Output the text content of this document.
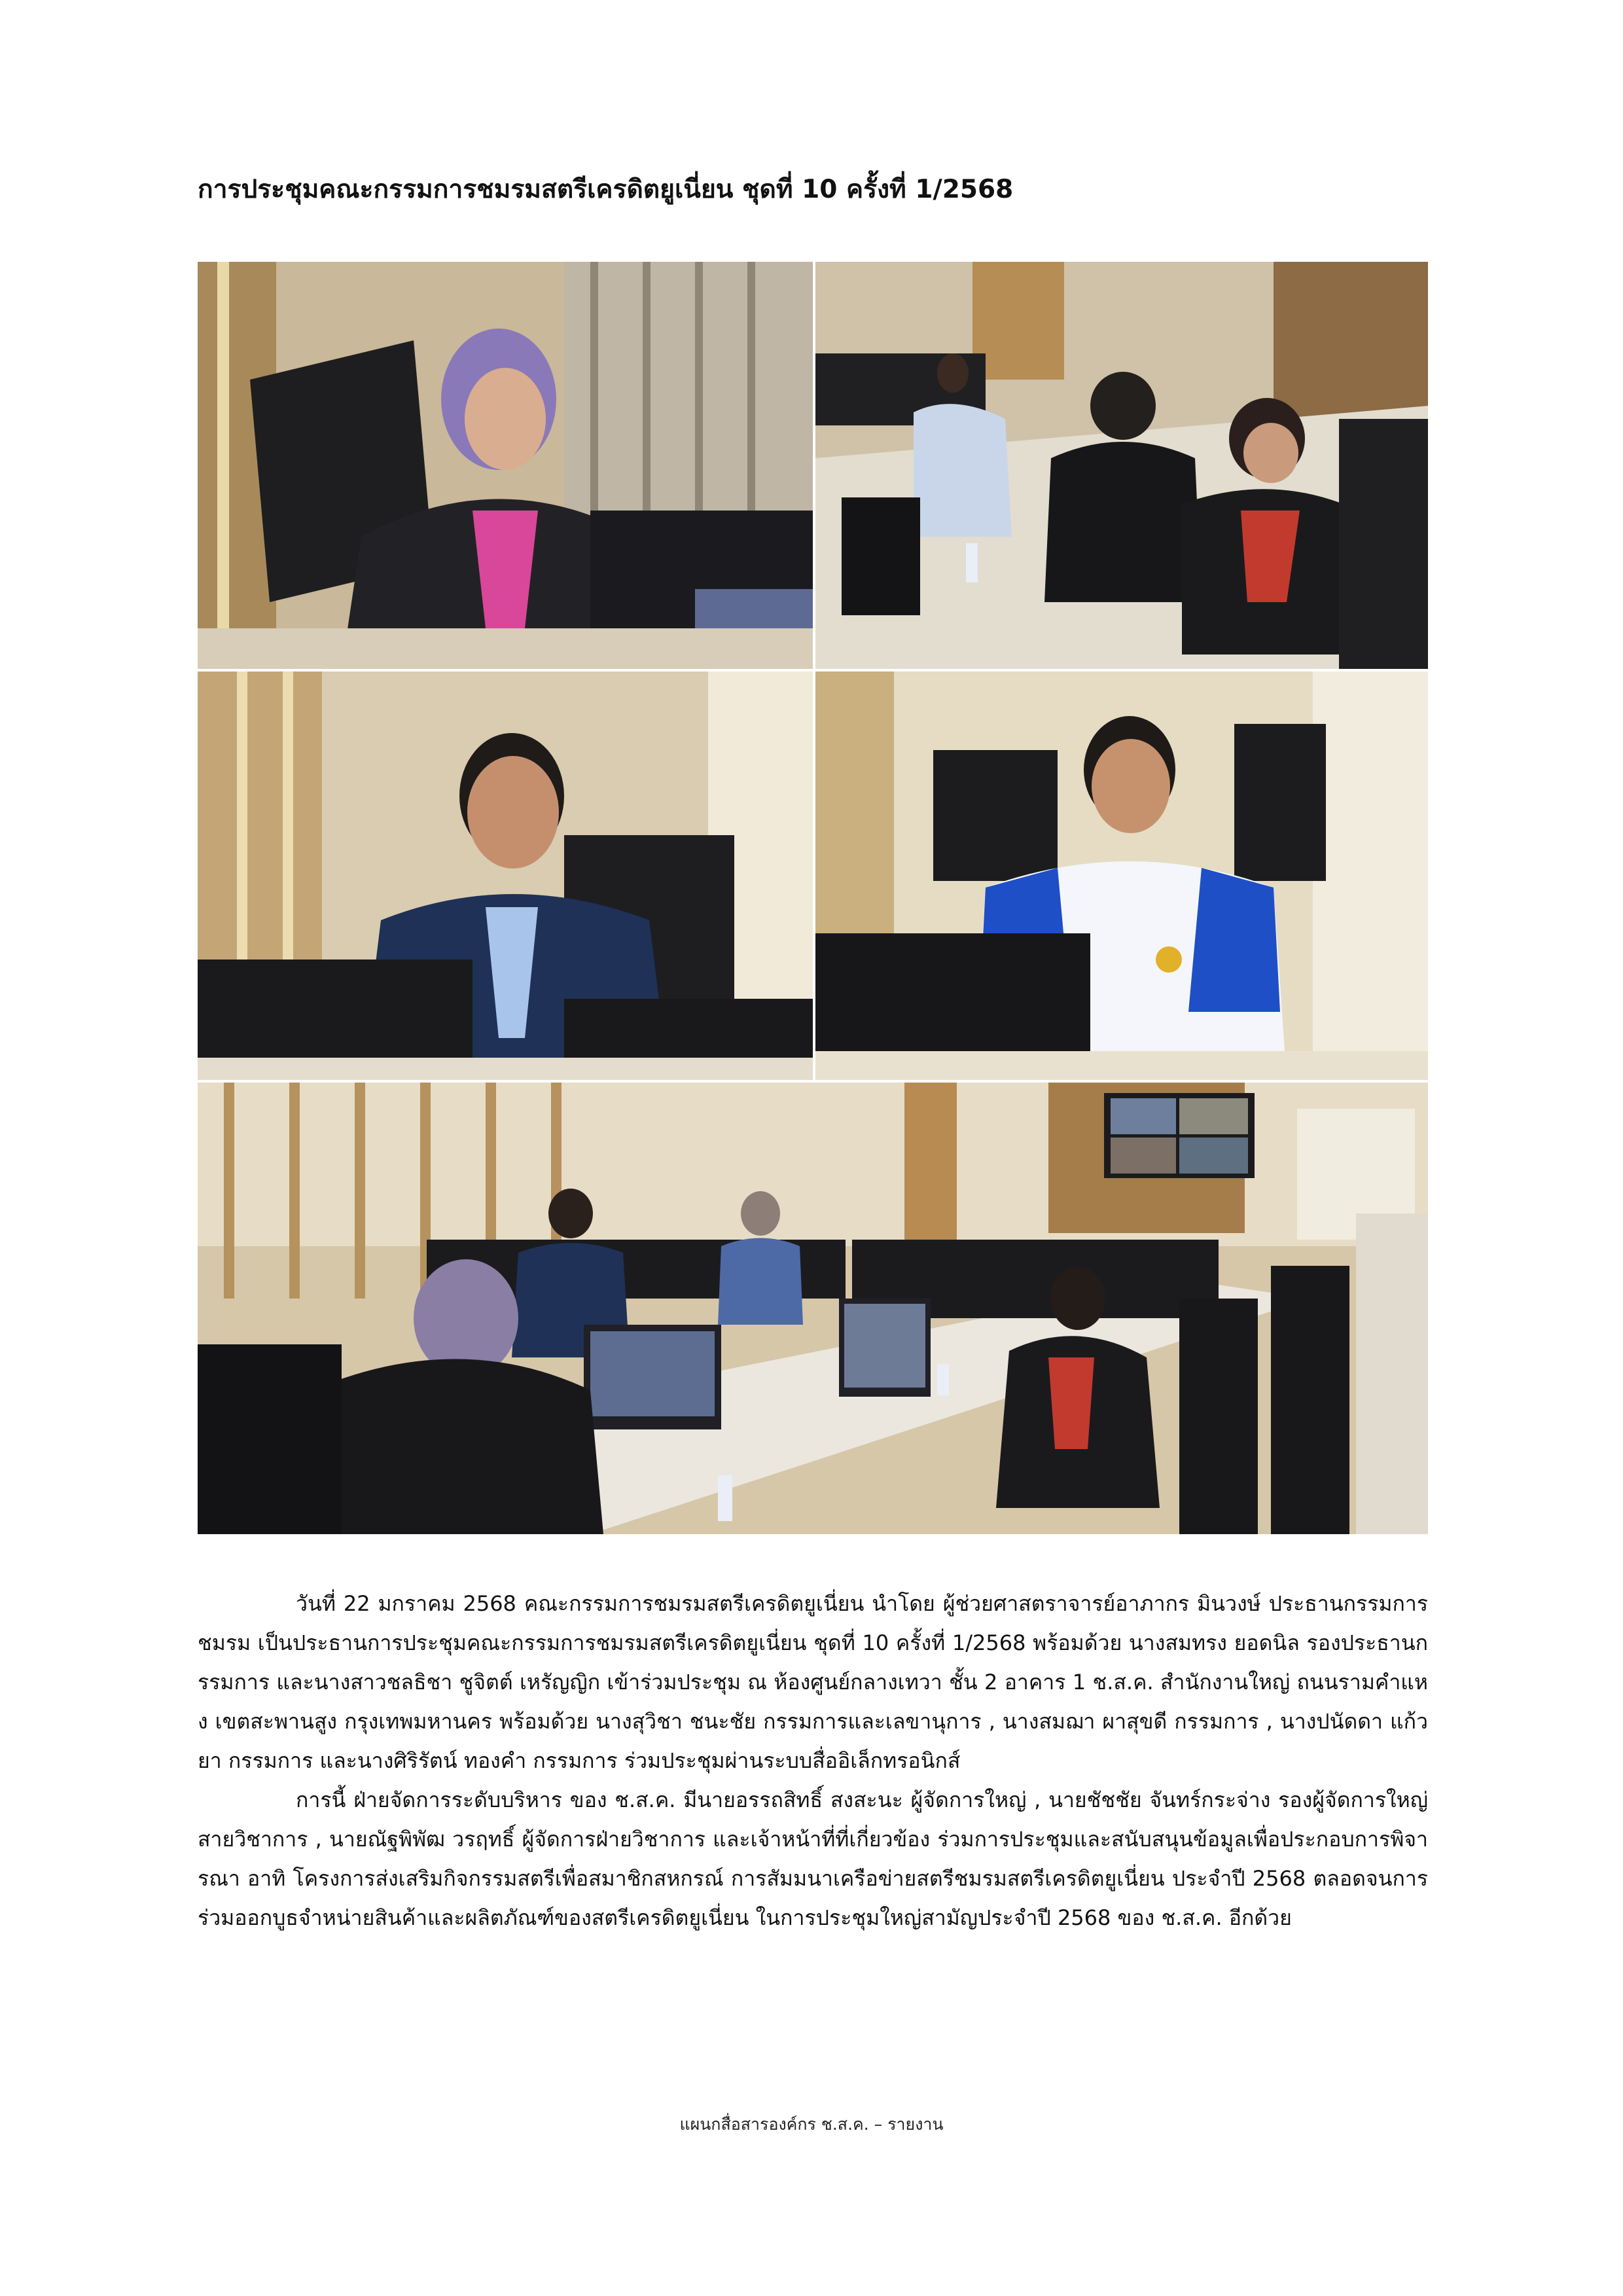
การประชุมคณะกรรมการชมรมสตรีเครดิตยูเนี่ยน ชุดที่ 10 ครั้งที่ 1/2568

วันที่ 22 มกราคม 2568 คณะกรรมการชมรมสตรีเครดิตยูเนี่ยน นำโดย ผู้ช่วยศาสตราจารย์อาภากร มินวงษ์ ประธานกรรมการชมรม เป็นประธานการประชุมคณะกรรมการชมรมสตรีเครดิตยูเนี่ยน ชุดที่ 10 ครั้งที่ 1/2568 พร้อมด้วย นางสมทรง ยอดนิล รองประธานกรรมการ และนางสาวชลธิชา ชูจิตต์ เหรัญญิก เข้าร่วมประชุม ณ ห้องศูนย์กลางเทวา ชั้น 2 อาคาร 1 ช.ส.ค. สำนักงานใหญ่ ถนนรามคำแหง เขตสะพานสูง กรุงเทพมหานคร พร้อมด้วย นางสุวิชา ชนะชัย กรรมการและเลขานุการ , นางสมฌา ผาสุขดี กรรมการ , นางปนัดดา แก้วยา กรรมการ และนางศิริรัตน์ ทองคำ กรรมการ ร่วมประชุมผ่านระบบสื่ออิเล็กทรอนิกส์

การนี้ ฝ่ายจัดการระดับบริหาร ของ ช.ส.ค. มีนายอรรถสิทธิ์ สงสะนะ ผู้จัดการใหญ่ , นายชัชชัย จันทร์กระจ่าง รองผู้จัดการใหญ่สายวิชาการ , นายณัฐพิพัฒ วรฤทธิ์ ผู้จัดการฝ่ายวิชาการ และเจ้าหน้าที่ที่เกี่ยวข้อง ร่วมการประชุมและสนับสนุนข้อมูลเพื่อประกอบการพิจารณา อาทิ โครงการส่งเสริมกิจกรรมสตรีเพื่อสมาชิกสหกรณ์ การสัมมนาเครือข่ายสตรีชมรมสตรีเครดิตยูเนี่ยน ประจำปี 2568 ตลอดจนการร่วมออกบูธจำหน่ายสินค้าและผลิตภัณฑ์ของสตรีเครดิตยูเนี่ยน ในการประชุมใหญ่สามัญประจำปี 2568 ของ ช.ส.ค. อีกด้วย

แผนกสื่อสารองค์กร ช.ส.ค. – รายงาน
